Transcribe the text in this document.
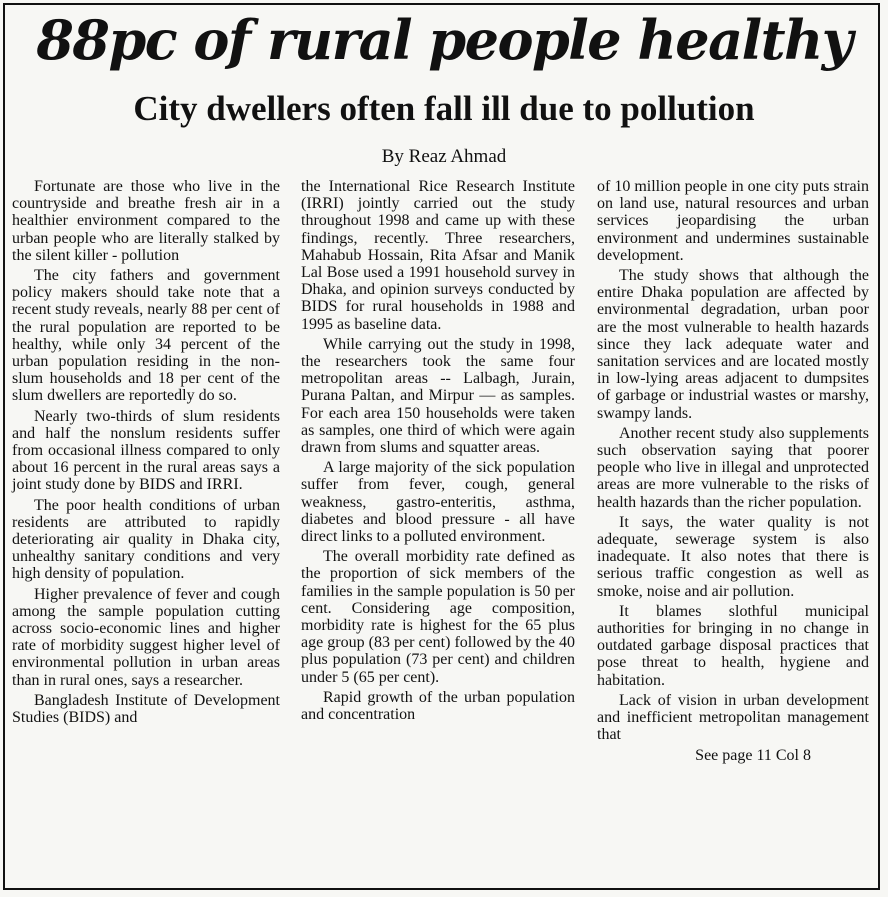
88pc of rural people healthy
City dwellers often fall ill due to pollution
By Reaz Ahmad

Fortunate are those who live in the countryside and breathe fresh air in a healthier environment compared to the urban people who are literally stalked by the silent killer - pollution

The city fathers and government policy makers should take note that a recent study reveals, nearly 88 per cent of the rural population are reported to be healthy, while only 34 percent of the urban population residing in the non-slum households and 18 per cent of the slum dwellers are reportedly do so.

Nearly two-thirds of slum residents and half the nonslum residents suffer from occasional illness compared to only about 16 percent in the rural areas says a joint study done by BIDS and IRRI.

The poor health conditions of urban residents are attributed to rapidly deteriorating air quality in Dhaka city, unhealthy sanitary conditions and very high density of population.

Higher prevalence of fever and cough among the sample population cutting across socio-economic lines and higher rate of morbidity suggest higher level of environmental pollution in urban areas than in rural ones, says a researcher.

Bangladesh Institute of Development Studies (BIDS) and

the International Rice Research Institute (IRRI) jointly carried out the study throughout 1998 and came up with these findings, recently. Three researchers, Mahabub Hossain, Rita Afsar and Manik Lal Bose used a 1991 household survey in Dhaka, and opinion surveys conducted by BIDS for rural households in 1988 and 1995 as baseline data.

While carrying out the study in 1998, the researchers took the same four metropolitan areas -- Lalbagh, Jurain, Purana Paltan, and Mirpur — as samples. For each area 150 households were taken as samples, one third of which were again drawn from slums and squatter areas.

A large majority of the sick population suffer from fever, cough, general weakness, gastro-enteritis, asthma, diabetes and blood pressure - all have direct links to a polluted environment.

The overall morbidity rate defined as the proportion of sick members of the families in the sample population is 50 per cent. Considering age composition, morbidity rate is highest for the 65 plus age group (83 per cent) followed by the 40 plus population (73 per cent) and children under 5 (65 per cent).

Rapid growth of the urban population and concentration

of 10 million people in one city puts strain on land use, natural resources and urban services jeopardising the urban environment and undermines sustainable development.

The study shows that although the entire Dhaka population are affected by environmental degradation, urban poor are the most vulnerable to health hazards since they lack adequate water and sanitation services and are located mostly in low-lying areas adjacent to dumpsites of garbage or industrial wastes or marshy, swampy lands.

Another recent study also supplements such observation saying that poorer people who live in illegal and unprotected areas are more vulnerable to the risks of health hazards than the richer population.

It says, the water quality is not adequate, sewerage system is also inadequate. It also notes that there is serious traffic congestion as well as smoke, noise and air pollution.

It blames slothful municipal authorities for bringing in no change in outdated garbage disposal practices that pose threat to health, hygiene and habitation.

Lack of vision in urban development and inefficient metropolitan management that

See page 11 Col 8
